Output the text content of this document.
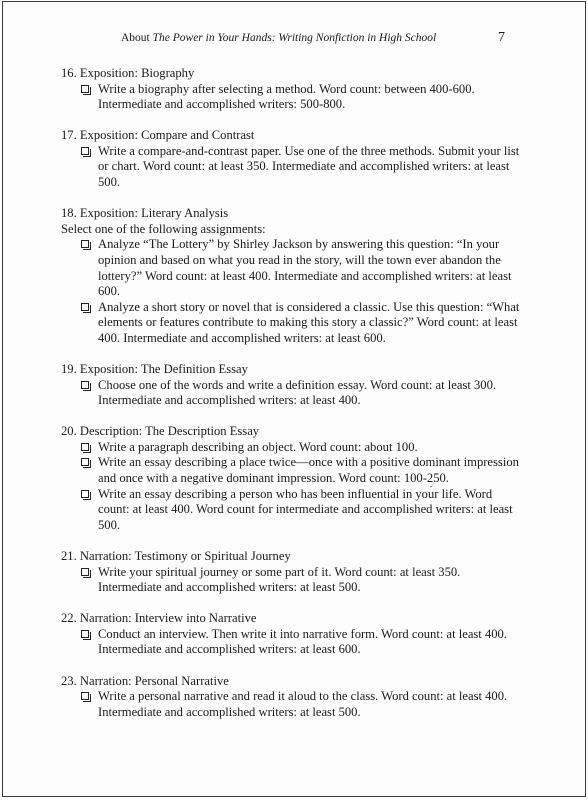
About The Power in Your Hands: Writing Nonfiction in High School	7
16. Exposition: Biography
Write a biography after selecting a method. Word count: between 400-600. Intermediate and accomplished writers: 500-800.
17. Exposition: Compare and Contrast
Write a compare-and-contrast paper. Use one of the three methods. Submit your list or chart. Word count: at least 350. Intermediate and accomplished writers: at least 500.
18. Exposition: Literary Analysis
Select one of the following assignments:
Analyze “The Lottery” by Shirley Jackson by answering this question: “In your opinion and based on what you read in the story, will the town ever abandon the lottery?” Word count: at least 400. Intermediate and accomplished writers: at least 600.
Analyze a short story or novel that is considered a classic. Use this question: “What elements or features contribute to making this story a classic?” Word count: at least 400. Intermediate and accomplished writers: at least 600.
19. Exposition: The Definition Essay
Choose one of the words and write a definition essay. Word count: at least 300. Intermediate and accomplished writers: at least 400.
20. Description: The Description Essay
Write a paragraph describing an object. Word count: about 100.
Write an essay describing a place twice—once with a positive dominant impression and once with a negative dominant impression. Word count: 100-250.
Write an essay describing a person who has been influential in your life. Word count: at least 400. Word count for intermediate and accomplished writers: at least 500.
21. Narration: Testimony or Spiritual Journey
Write your spiritual journey or some part of it. Word count: at least 350. Intermediate and accomplished writers: at least 500.
22. Narration: Interview into Narrative
Conduct an interview. Then write it into narrative form. Word count: at least 400. Intermediate and accomplished writers: at least 600.
23. Narration: Personal Narrative
Write a personal narrative and read it aloud to the class. Word count: at least 400. Intermediate and accomplished writers: at least 500.
